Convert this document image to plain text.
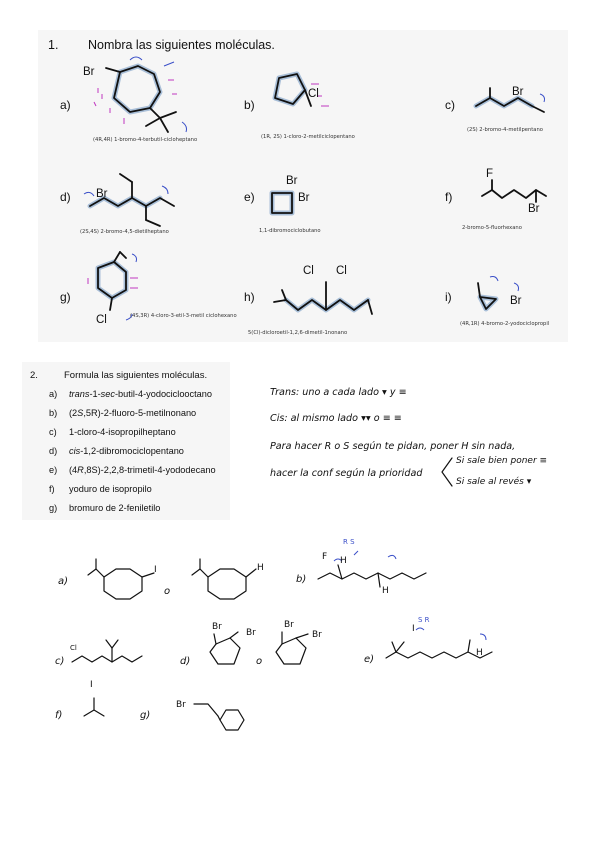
1. Nombra las siguientes moléculas.
a)	b)	c)
d)	e)	f)
g)	h)	i)
Br
(4R,4R) 1-bromo-4-terbutil-cicloheptano
Cl
(1R, 2S) 1-cloro-2-metilciclopentano
Br
(2S) 2-bromo-4-metilpentano
Br
(2S,4S) 2-bromo-4,5-dietilheptano
Br
Br
1,1-dibromociclobutano
F
Br
2-bromo-5-fluorhexano
Cl	(4S,3R) 4-cloro-3-etil-3-metil ciclohexano
Cl Cl
5(Cl)-dicloroetil-1,2,6-dimetil-1nonano
Br
(4R,1R) 4-bromo-2-yodociclopropil
2.	Formula las siguientes moléculas.
a)	trans-1-sec-butil-4-yodociclooctano
b)	(2S,5R)-2-fluoro-5-metilnonano
c)	1-cloro-4-isopropilheptano
d)	cis-1,2-dibromociclopentano
e)	(4R,8S)-2,2,8-trimetil-4-yododecano
f)	yoduro de isopropilo
g)	bromuro de 2-feniletilo
Trans: uno a cada lado ▾ y ≡
Cis: al mismo lado ▾▾ o ≡ ≡
Para hacer R o S según te pidan, poner H sin nada,
hacer la conf según la prioridad
Si sale bien poner ≡
Si sale al revés ▾
a)
I
o
H
b)
F H
H
R S
c)
Cl
d)
Br
Br
o
Br
Br
e)
I
H
S R
f)
I
g)
Br
